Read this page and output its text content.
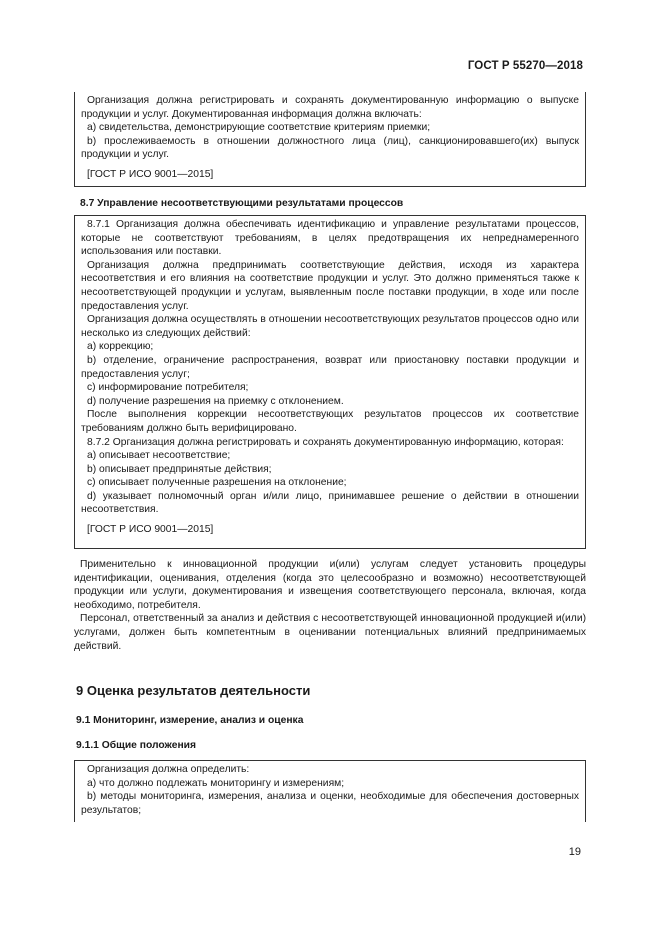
ГОСТ Р 55270—2018

Организация должна регистрировать и сохранять документированную информацию о выпуске продукции и услуг. Документированная информация должна включать:

а) свидетельства, демонстрирующие соответствие критериям приемки;

b) прослеживаемость в отношении должностного лица (лиц), санкционировавшего(их) выпуск продукции и услуг.

[ГОСТ Р ИСО 9001—2015]

8.7 Управление несоответствующими результатами процессов

8.7.1 Организация должна обеспечивать идентификацию и управление результатами процессов, которые не соответствуют требованиям, в целях предотвращения их непреднамеренного использования или поставки.

Организация должна предпринимать соответствующие действия, исходя из характера несоответствия и его влияния на соответствие продукции и услуг. Это должно применяться также к несоответствующей продукции и услугам, выявленным после поставки продукции, в ходе или после предоставления услуг.

Организация должна осуществлять в отношении несоответствующих результатов процессов одно или несколько из следующих действий:

а) коррекцию;

b) отделение, ограничение распространения, возврат или приостановку поставки продукции и предоставления услуг;

с) информирование потребителя;

d) получение разрешения на приемку с отклонением.

После выполнения коррекции несоответствующих результатов процессов их соответствие требованиям должно быть верифицировано.

8.7.2 Организация должна регистрировать и сохранять документированную информацию, которая:

а) описывает несоответствие;

b) описывает предпринятые действия;

с) описывает полученные разрешения на отклонение;

d) указывает полномочный орган и/или лицо, принимавшее решение о действии в отношении несоответствия.

[ГОСТ Р ИСО 9001—2015]

Применительно к инновационной продукции и(или) услугам следует установить процедуры идентификации, оценивания, отделения (когда это целесообразно и возможно) несоответствующей продукции или услуги, документирования и извещения соответствующего персонала, включая, когда необходимо, потребителя.

Персонал, ответственный за анализ и действия с несоответствующей инновационной продукцией и(или) услугами, должен быть компетентным в оценивании потенциальных влияний предпринимаемых действий.

9 Оценка результатов деятельности
9.1 Мониторинг, измерение, анализ и оценка
9.1.1 Общие положения

Организация должна определить:

а) что должно подлежать мониторингу и измерениям;

b) методы мониторинга, измерения, анализа и оценки, необходимые для обеспечения достоверных результатов;

19
